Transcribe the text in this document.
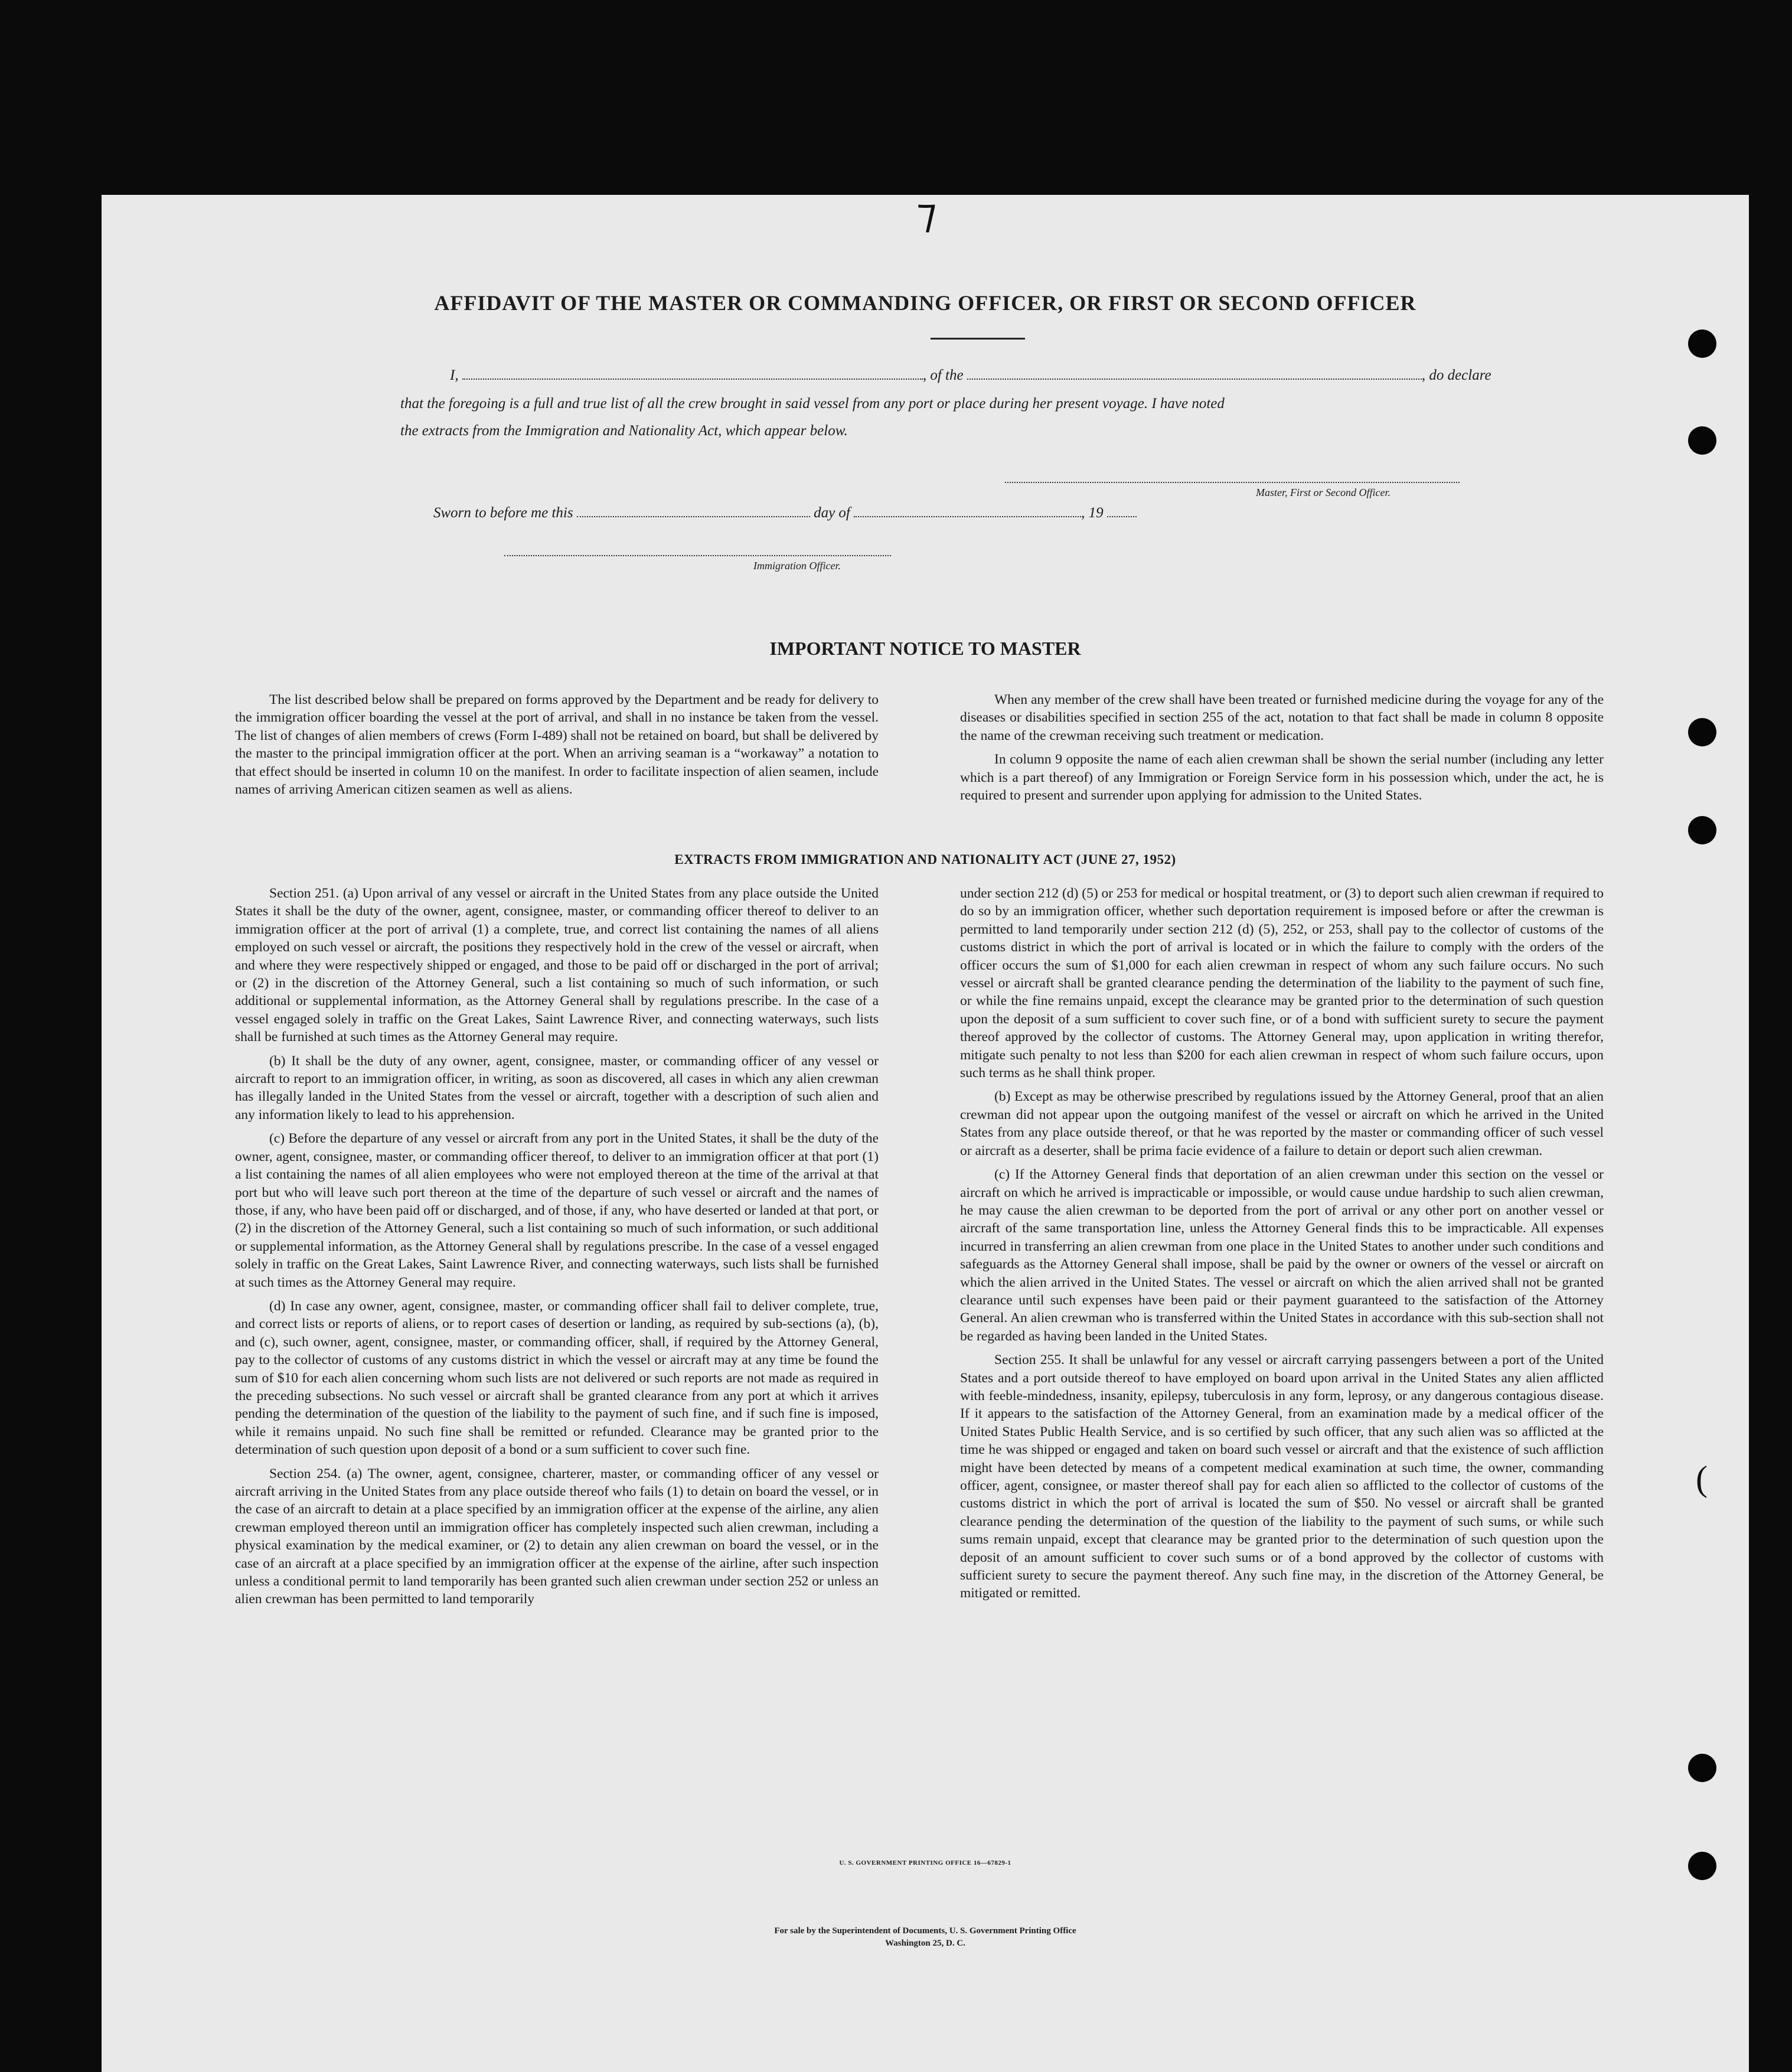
⁊
(
AFFIDAVIT OF THE MASTER OR COMMANDING OFFICER, OR FIRST OR SECOND OFFICER
I,	, of the	, do declare
that the foregoing is a full and true list of all the crew brought in said vessel from any port or place during her present voyage. I have noted
the extracts from the Immigration and Nationality Act, which appear below.
Master, First or Second Officer.
Sworn to before me this	day of	, 19
Immigration Officer.
IMPORTANT NOTICE TO MASTER

The list described below shall be prepared on forms approved by the Department and be ready for delivery to the immigration officer boarding the vessel at the port of arrival, and shall in no instance be taken from the vessel. The list of changes of alien members of crews (Form I-489) shall not be retained on board, but shall be delivered by the master to the principal immigration officer at the port. When an arriving seaman is a “workaway” a notation to that effect should be inserted in column 10 on the manifest. In order to facilitate inspection of alien seamen, include names of arriving American citizen seamen as well as aliens.

When any member of the crew shall have been treated or furnished medicine during the voyage for any of the diseases or disabilities specified in section 255 of the act, notation to that fact shall be made in column 8 opposite the name of the crewman receiving such treatment or medication.

In column 9 opposite the name of each alien crewman shall be shown the serial number (including any letter which is a part thereof) of any Immigration or Foreign Service form in his possession which, under the act, he is required to present and surrender upon applying for admission to the United States.

EXTRACTS FROM IMMIGRATION AND NATIONALITY ACT (JUNE 27, 1952)

Section 251. (a) Upon arrival of any vessel or aircraft in the United States from any place outside the United States it shall be the duty of the owner, agent, consignee, master, or commanding officer thereof to deliver to an immigration officer at the port of arrival (1) a complete, true, and correct list containing the names of all aliens employed on such vessel or aircraft, the positions they respectively hold in the crew of the vessel or aircraft, when and where they were respectively shipped or engaged, and those to be paid off or discharged in the port of arrival; or (2) in the discretion of the Attorney General, such a list containing so much of such information, or such additional or supplemental information, as the Attorney General shall by regulations prescribe. In the case of a vessel engaged solely in traffic on the Great Lakes, Saint Lawrence River, and connecting waterways, such lists shall be furnished at such times as the Attorney General may require.

(b) It shall be the duty of any owner, agent, consignee, master, or commanding officer of any vessel or aircraft to report to an immigration officer, in writing, as soon as discovered, all cases in which any alien crewman has illegally landed in the United States from the vessel or aircraft, together with a description of such alien and any information likely to lead to his apprehension.

(c) Before the departure of any vessel or aircraft from any port in the United States, it shall be the duty of the owner, agent, consignee, master, or commanding officer thereof, to deliver to an immigration officer at that port (1) a list containing the names of all alien employees who were not employed thereon at the time of the arrival at that port but who will leave such port thereon at the time of the departure of such vessel or aircraft and the names of those, if any, who have been paid off or discharged, and of those, if any, who have deserted or landed at that port, or (2) in the discretion of the Attorney General, such a list containing so much of such information, or such additional or supplemental information, as the Attorney General shall by regulations prescribe. In the case of a vessel engaged solely in traffic on the Great Lakes, Saint Lawrence River, and connecting waterways, such lists shall be furnished at such times as the Attorney General may require.

(d) In case any owner, agent, consignee, master, or commanding officer shall fail to deliver complete, true, and correct lists or reports of aliens, or to report cases of desertion or landing, as required by sub-sections (a), (b), and (c), such owner, agent, consignee, master, or commanding officer, shall, if required by the Attorney General, pay to the collector of customs of any customs district in which the vessel or aircraft may at any time be found the sum of $10 for each alien concerning whom such lists are not delivered or such reports are not made as required in the preceding subsections. No such vessel or aircraft shall be granted clearance from any port at which it arrives pending the determination of the question of the liability to the payment of such fine, and if such fine is imposed, while it remains unpaid. No such fine shall be remitted or refunded. Clearance may be granted prior to the determination of such question upon deposit of a bond or a sum sufficient to cover such fine.

Section 254. (a) The owner, agent, consignee, charterer, master, or commanding officer of any vessel or aircraft arriving in the United States from any place outside thereof who fails (1) to detain on board the vessel, or in the case of an aircraft to detain at a place specified by an immigration officer at the expense of the airline, any alien crewman employed thereon until an immigration officer has completely inspected such alien crewman, including a physical examination by the medical examiner, or (2) to detain any alien crewman on board the vessel, or in the case of an aircraft at a place specified by an immigration officer at the expense of the airline, after such inspection unless a conditional permit to land temporarily has been granted such alien crewman under section 252 or unless an alien crewman has been permitted to land temporarily

under section 212 (d) (5) or 253 for medical or hospital treatment, or (3) to deport such alien crewman if required to do so by an immigration officer, whether such deportation requirement is imposed before or after the crewman is permitted to land temporarily under section 212 (d) (5), 252, or 253, shall pay to the collector of customs of the customs district in which the port of arrival is located or in which the failure to comply with the orders of the officer occurs the sum of $1,000 for each alien crewman in respect of whom any such failure occurs. No such vessel or aircraft shall be granted clearance pending the determination of the liability to the payment of such fine, or while the fine remains unpaid, except the clearance may be granted prior to the determination of such question upon the deposit of a sum sufficient to cover such fine, or of a bond with sufficient surety to secure the payment thereof approved by the collector of customs. The Attorney General may, upon application in writing therefor, mitigate such penalty to not less than $200 for each alien crewman in respect of whom such failure occurs, upon such terms as he shall think proper.

(b) Except as may be otherwise prescribed by regulations issued by the Attorney General, proof that an alien crewman did not appear upon the outgoing manifest of the vessel or aircraft on which he arrived in the United States from any place outside thereof, or that he was reported by the master or commanding officer of such vessel or aircraft as a deserter, shall be prima facie evidence of a failure to detain or deport such alien crewman.

(c) If the Attorney General finds that deportation of an alien crewman under this section on the vessel or aircraft on which he arrived is impracticable or impossible, or would cause undue hardship to such alien crewman, he may cause the alien crewman to be deported from the port of arrival or any other port on another vessel or aircraft of the same transportation line, unless the Attorney General finds this to be impracticable. All expenses incurred in transferring an alien crewman from one place in the United States to another under such conditions and safeguards as the Attorney General shall impose, shall be paid by the owner or owners of the vessel or aircraft on which the alien arrived in the United States. The vessel or aircraft on which the alien arrived shall not be granted clearance until such expenses have been paid or their payment guaranteed to the satisfaction of the Attorney General. An alien crewman who is transferred within the United States in accordance with this sub-section shall not be regarded as having been landed in the United States.

Section 255. It shall be unlawful for any vessel or aircraft carrying passengers between a port of the United States and a port outside thereof to have employed on board upon arrival in the United States any alien afflicted with feeble-mindedness, insanity, epilepsy, tuberculosis in any form, leprosy, or any dangerous contagious disease. If it appears to the satisfaction of the Attorney General, from an examination made by a medical officer of the United States Public Health Service, and is so certified by such officer, that any such alien was so afflicted at the time he was shipped or engaged and taken on board such vessel or aircraft and that the existence of such affliction might have been detected by means of a competent medical examination at such time, the owner, commanding officer, agent, consignee, or master thereof shall pay for each alien so afflicted to the collector of customs of the customs district in which the port of arrival is located the sum of $50. No vessel or aircraft shall be granted clearance pending the determination of the question of the liability to the payment of such sums, or while such sums remain unpaid, except that clearance may be granted prior to the determination of such question upon the deposit of an amount sufficient to cover such sums or of a bond approved by the collector of customs with sufficient surety to secure the payment thereof. Any such fine may, in the discretion of the Attorney General, be mitigated or remitted.

U. S. GOVERNMENT PRINTING OFFICE 16—67829-1
For sale by the Superintendent of Documents, U. S. Government Printing Office
Washington 25, D. C.
